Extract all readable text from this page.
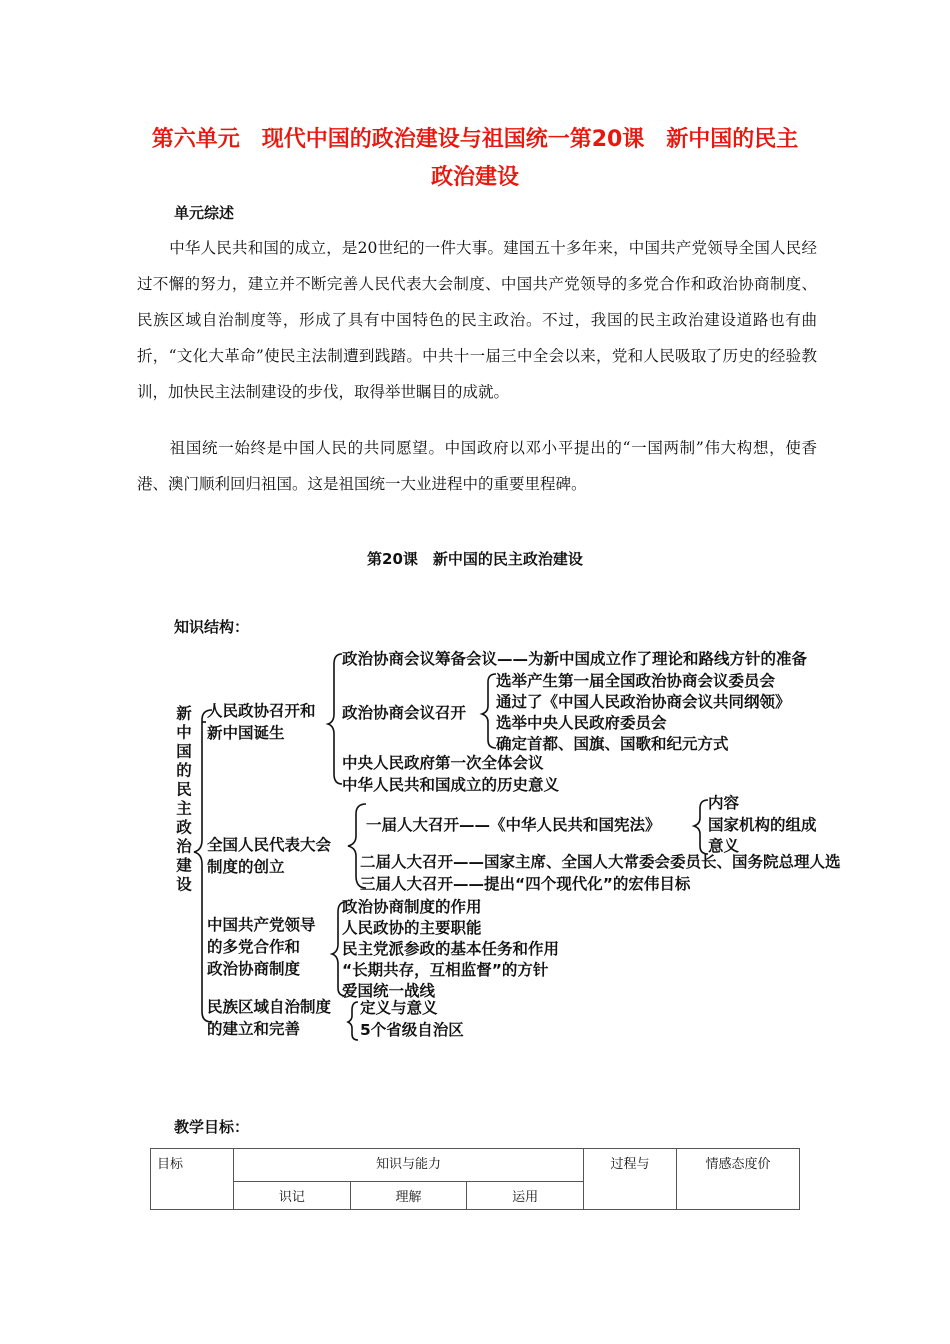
第六单元　现代中国的政治建设与祖国统一第20课　新中国的民主
政治建设
单元综述
中华人民共和国的成立，是20世纪的一件大事。建国五十多年来，中国共产党领导全国人民经过不懈的努力，建立并不断完善人民代表大会制度、中国共产党领导的多党合作和政治协商制度、民族区域自治制度等，形成了具有中国特色的民主政治。不过，我国的民主政治建设道路也有曲折，“文化大革命”使民主法制遭到践踏。中共十一届三中全会以来，党和人民吸取了历史的经验教训，加快民主法制建设的步伐，取得举世瞩目的成就。
祖国统一始终是中国人民的共同愿望。中国政府以邓小平提出的“一国两制”伟大构想，使香港、澳门顺利回归祖国。这是祖国统一大业进程中的重要里程碑。
第20课　新中国的民主政治建设
知识结构：
新中国的民主政治建设
人民政协召开和
新中国诞生
政治协商会议筹备会议——为新中国成立作了理论和路线方针的准备
政治协商会议召开
选举产生第一届全国政治协商会议委员会
通过了《中国人民政治协商会议共同纲领》
选举中央人民政府委员会
确定首都、国旗、国歌和纪元方式
中央人民政府第一次全体会议
中华人民共和国成立的历史意义
全国人民代表大会
制度的创立
一届人大召开——《中华人民共和国宪法》
内容
国家机构的组成
意义
二届人大召开——国家主席、全国人大常委会委员长、国务院总理人选
三届人大召开——提出“四个现代化”的宏伟目标
中国共产党领导
的多党合作和
政治协商制度
政治协商制度的作用
人民政协的主要职能
民主党派参政的基本任务和作用
“长期共存，互相监督”的方针
爱国统一战线
民族区域自治制度
的建立和完善
定义与意义
5个省级自治区
教学目标：
目标	知识与能力			过程与	情感态度价
	识记	理解	运用		
